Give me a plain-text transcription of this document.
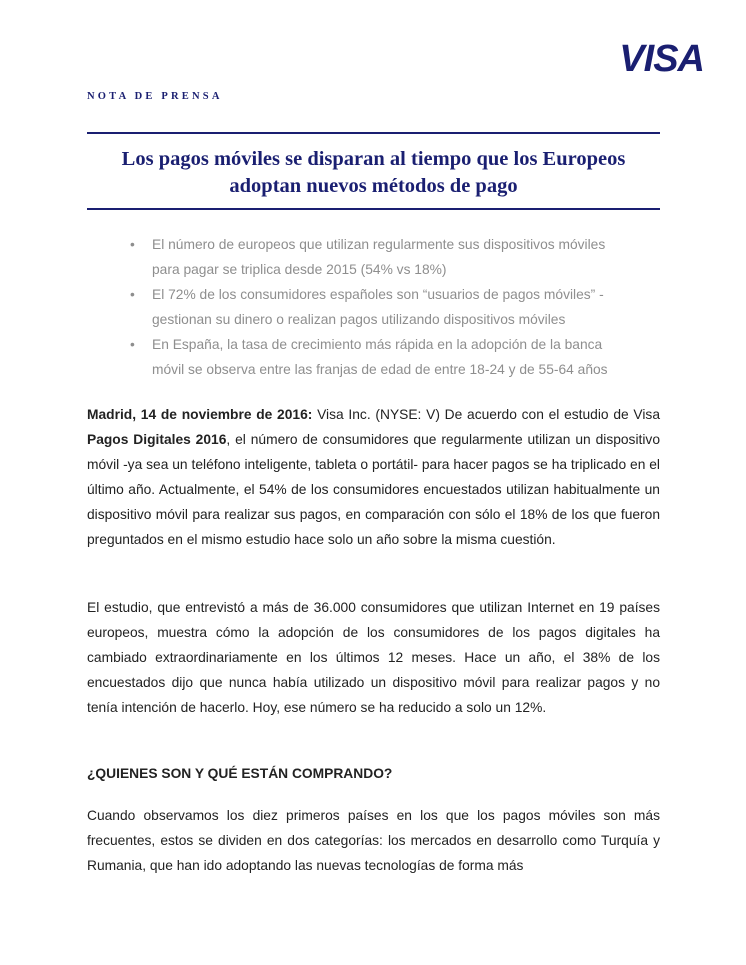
VISA
NOTA DE PRENSA
Los pagos móviles se disparan al tiempo que los Europeos
adoptan nuevos métodos de pago
• El número de europeos que utilizan regularmente sus dispositivos móviles
para pagar se triplica desde 2015 (54% vs 18%)
• El 72% de los consumidores españoles son “usuarios de pagos móviles” -
gestionan su dinero o realizan pagos utilizando dispositivos móviles
• En España, la tasa de crecimiento más rápida en la adopción de la banca
móvil se observa entre las franjas de edad de entre 18-24 y de 55-64 años

Madrid, 14 de noviembre de 2016: Visa Inc. (NYSE: V) De acuerdo con el estudio de Visa Pagos Digitales 2016, el número de consumidores que regularmente utilizan un dispositivo móvil -ya sea un teléfono inteligente, tableta o portátil- para hacer pagos se ha triplicado en el último año. Actualmente, el 54% de los consumidores encuestados utilizan habitualmente un dispositivo móvil para realizar sus pagos, en comparación con sólo el 18% de los que fueron preguntados en el mismo estudio hace solo un año sobre la misma cuestión.

El estudio, que entrevistó a más de 36.000 consumidores que utilizan Internet en 19 países europeos, muestra cómo la adopción de los consumidores de los pagos digitales ha cambiado extraordinariamente en los últimos 12 meses. Hace un año, el 38% de los encuestados dijo que nunca había utilizado un dispositivo móvil para realizar pagos y no tenía intención de hacerlo. Hoy, ese número se ha reducido a solo un 12%.

¿QUIENES SON Y QUÉ ESTÁN COMPRANDO?

Cuando observamos los diez primeros países en los que los pagos móviles son más frecuentes, estos se dividen en dos categorías: los mercados en desarrollo como Turquía y Rumania, que han ido adoptando las nuevas tecnologías de forma más
